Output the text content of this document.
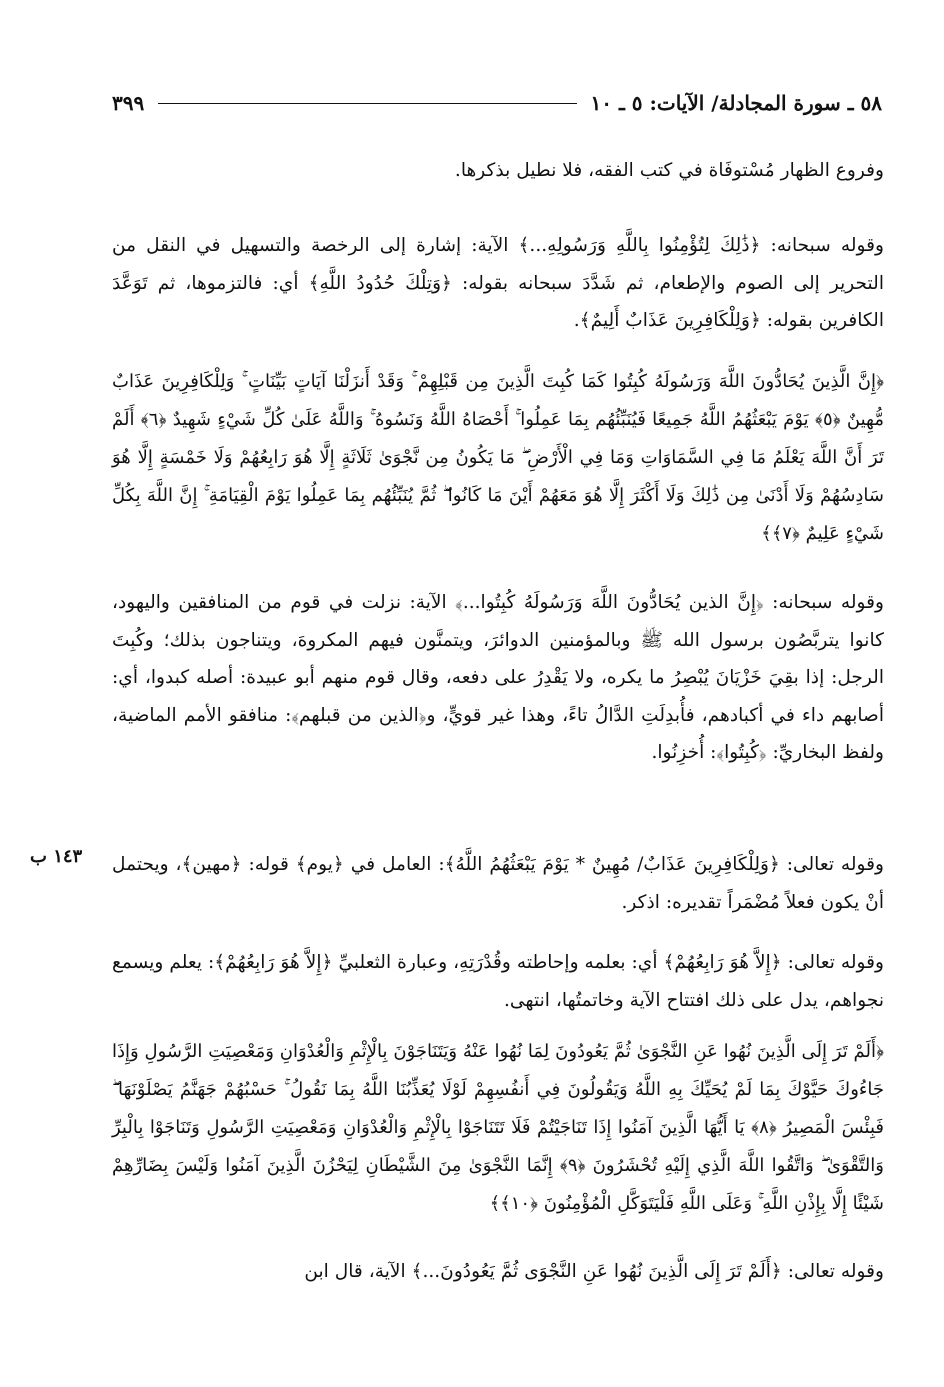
٥٨ ـ سورة المجادلة/ الآيات: ٥ ـ ١٠
٣٩٩

وفروع الظهار مُسْتوفَاة في كتب الفقه، فلا نطيل بذكرها.

وقوله سبحانه: ﴿ذَٰلِكَ لِتُؤْمِنُوا بِاللَّهِ وَرَسُولِهِ...﴾ الآية: إشارة إلى الرخصة والتسهيل في النقل من التحرير إلى الصوم والإطعام، ثم شَدَّدَ سبحانه بقوله: ﴿وَتِلْكَ حُدُودُ اللَّهِ﴾ أي: فالتزموها، ثم تَوَعَّدَ الكافرين بقوله: ﴿وَلِلْكَافِرِينَ عَذَابٌ أَلِيمٌ﴾.

﴿إِنَّ الَّذِينَ يُحَادُّونَ اللَّهَ وَرَسُولَهُ كُبِتُوا كَمَا كُبِتَ الَّذِينَ مِن قَبْلِهِمْ ۚ وَقَدْ أَنزَلْنَا آيَاتٍ بَيِّنَاتٍ ۚ وَلِلْكَافِرِينَ عَذَابٌ مُّهِينٌ ﴿٥﴾ يَوْمَ يَبْعَثُهُمُ اللَّهُ جَمِيعًا فَيُنَبِّئُهُم بِمَا عَمِلُوا ۚ أَحْصَاهُ اللَّهُ وَنَسُوهُ ۚ وَاللَّهُ عَلَىٰ كُلِّ شَيْءٍ شَهِيدٌ ﴿٦﴾ أَلَمْ تَرَ أَنَّ اللَّهَ يَعْلَمُ مَا فِي السَّمَاوَاتِ وَمَا فِي الْأَرْضِ ۖ مَا يَكُونُ مِن نَّجْوَىٰ ثَلَاثَةٍ إِلَّا هُوَ رَابِعُهُمْ وَلَا خَمْسَةٍ إِلَّا هُوَ سَادِسُهُمْ وَلَا أَدْنَىٰ مِن ذَٰلِكَ وَلَا أَكْثَرَ إِلَّا هُوَ مَعَهُمْ أَيْنَ مَا كَانُوا ۖ ثُمَّ يُنَبِّئُهُم بِمَا عَمِلُوا يَوْمَ الْقِيَامَةِ ۚ إِنَّ اللَّهَ بِكُلِّ شَيْءٍ عَلِيمٌ ﴿٧﴾﴾

وقوله سبحانه: ﴿إِنَّ الذين يُحَادُّونَ اللَّهَ وَرَسُولَهُ كُبِتُوا...﴾ الآية: نزلت في قوم من المنافقين واليهود، كانوا يتربَّصُون برسول الله ﷺ وبالمؤمنين الدوائرَ، ويتمنَّون فيهم المكروهَ، ويتناجون بذلك؛ وكُبِتَ الرجل: إذا بقِيَ خَزْيَانَ يُبْصِرُ ما يكره، ولا يَقْدِرُ على دفعه، وقال قوم منهم أبو عبيدة: أصله كبدوا، أي: أصابهم داء في أكبادهم، فأُبدِلَتِ الدَّالُ تاءً، وهذا غير قويٍّ، و﴿الذين من قبلهم﴾: منافقو الأمم الماضية، ولفظ البخاريِّ: ﴿كُبِتُوا﴾: أُخزِنُوا.

وقوله تعالى: ﴿وَلِلْكَافِرِينَ عَذَابٌ/ مُهِينٌ * يَوْمَ يَبْعَثُهُمُ اللَّهُ﴾: العامل في ﴿يوم﴾ قوله: ﴿مهين﴾، ويحتمل أنْ يكون فعلاً مُضْمَراً تقديره: اذكر.

١٤٣ ب

وقوله تعالى: ﴿إِلاَّ هُوَ رَابِعُهُمْ﴾ أي: بعلمه وإحاطته وقُدْرَتِهِ، وعبارة الثعلبيِّ ﴿إِلاَّ هُوَ رَابِعُهُمْ﴾: يعلم ويسمع نجواهم، يدل على ذلك افتتاح الآية وخاتمتُها، انتهى.

﴿أَلَمْ تَرَ إِلَى الَّذِينَ نُهُوا عَنِ النَّجْوَىٰ ثُمَّ يَعُودُونَ لِمَا نُهُوا عَنْهُ وَيَتَنَاجَوْنَ بِالْإِثْمِ وَالْعُدْوَانِ وَمَعْصِيَتِ الرَّسُولِ وَإِذَا جَاءُوكَ حَيَّوْكَ بِمَا لَمْ يُحَيِّكَ بِهِ اللَّهُ وَيَقُولُونَ فِي أَنفُسِهِمْ لَوْلَا يُعَذِّبُنَا اللَّهُ بِمَا نَقُولُ ۚ حَسْبُهُمْ جَهَنَّمُ يَصْلَوْنَهَا ۖ فَبِئْسَ الْمَصِيرُ ﴿٨﴾ يَا أَيُّهَا الَّذِينَ آمَنُوا إِذَا تَنَاجَيْتُمْ فَلَا تَتَنَاجَوْا بِالْإِثْمِ وَالْعُدْوَانِ وَمَعْصِيَتِ الرَّسُولِ وَتَنَاجَوْا بِالْبِرِّ وَالتَّقْوَىٰ ۖ وَاتَّقُوا اللَّهَ الَّذِي إِلَيْهِ تُحْشَرُونَ ﴿٩﴾ إِنَّمَا النَّجْوَىٰ مِنَ الشَّيْطَانِ لِيَحْزُنَ الَّذِينَ آمَنُوا وَلَيْسَ بِضَارِّهِمْ شَيْئًا إِلَّا بِإِذْنِ اللَّهِ ۚ وَعَلَى اللَّهِ فَلْيَتَوَكَّلِ الْمُؤْمِنُونَ ﴿١٠﴾﴾

وقوله تعالى: ﴿أَلَمْ تَرَ إِلَى الَّذِينَ نُهُوا عَنِ النَّجْوَى ثُمَّ يَعُودُونَ...﴾ الآية، قال ابن
